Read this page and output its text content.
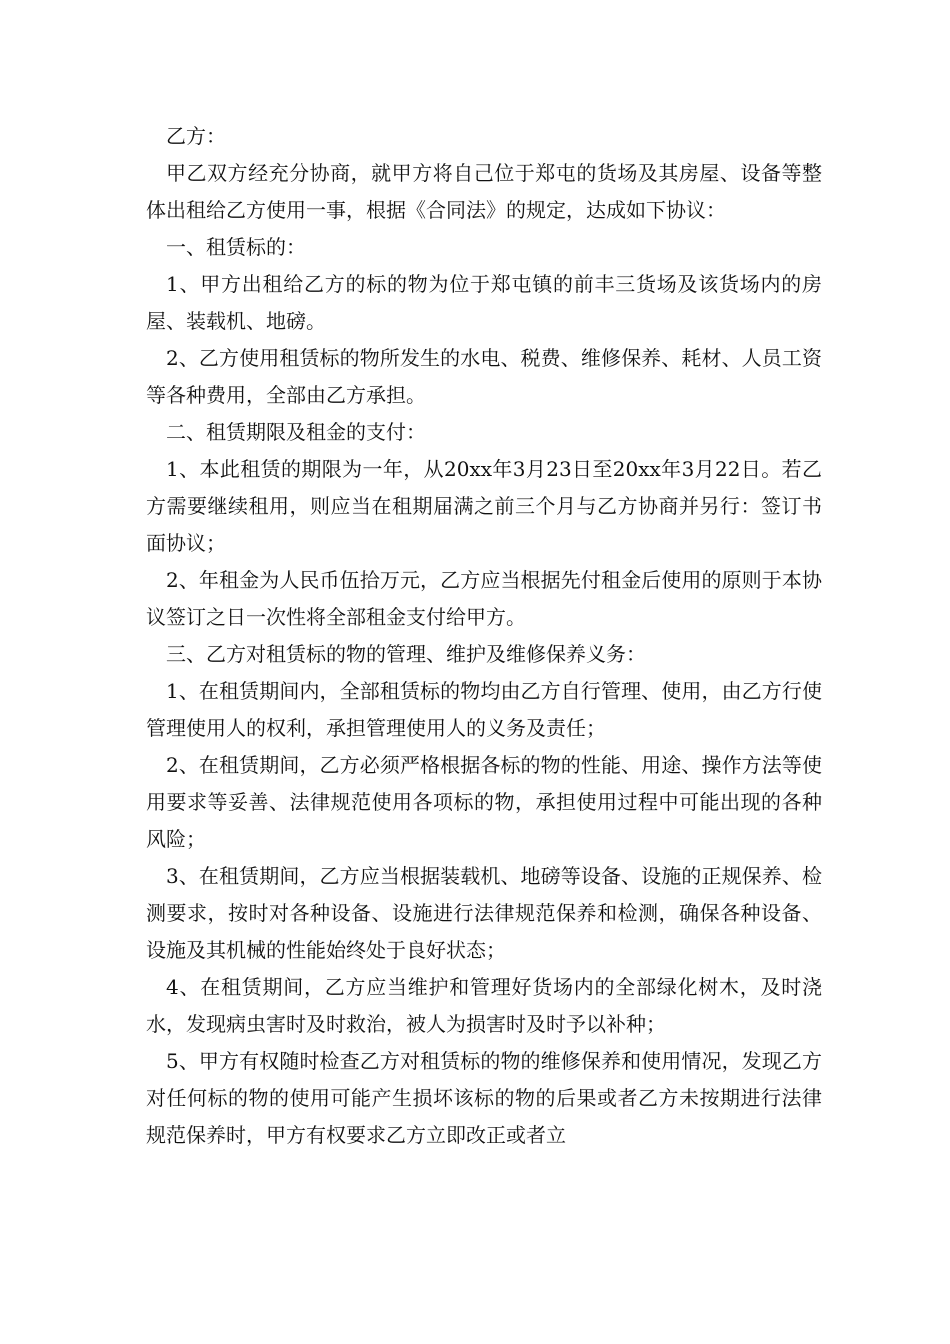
乙方：

甲乙双方经充分协商，就甲方将自己位于郑屯的货场及其房屋、设备等整体出租给乙方使用一事，根据《合同法》的规定，达成如下协议：

一、租赁标的：

1、甲方出租给乙方的标的物为位于郑屯镇的前丰三货场及该货场内的房屋、装载机、地磅。

2、乙方使用租赁标的物所发生的水电、税费、维修保养、耗材、人员工资等各种费用，全部由乙方承担。

二、租赁期限及租金的支付：

1、本此租赁的期限为一年，从20xx年3月23日至20xx年3月22日。若乙方需要继续租用，则应当在租期届满之前三个月与乙方协商并另行：签订书面协议；

2、年租金为人民币伍拾万元，乙方应当根据先付租金后使用的原则于本协议签订之日一次性将全部租金支付给甲方。

三、乙方对租赁标的物的管理、维护及维修保养义务：

1、在租赁期间内，全部租赁标的物均由乙方自行管理、使用，由乙方行使管理使用人的权利，承担管理使用人的义务及责任；

2、在租赁期间，乙方必须严格根据各标的物的性能、用途、操作方法等使用要求等妥善、法律规范使用各项标的物，承担使用过程中可能出现的各种风险；

3、在租赁期间，乙方应当根据装载机、地磅等设备、设施的正规保养、检测要求，按时对各种设备、设施进行法律规范保养和检测，确保各种设备、设施及其机械的性能始终处于良好状态；

4、在租赁期间，乙方应当维护和管理好货场内的全部绿化树木，及时浇水，发现病虫害时及时救治，被人为损害时及时予以补种；

5、甲方有权随时检查乙方对租赁标的物的维修保养和使用情况，发现乙方对任何标的物的使用可能产生损坏该标的物的后果或者乙方未按期进行法律规范保养时，甲方有权要求乙方立即改正或者立
